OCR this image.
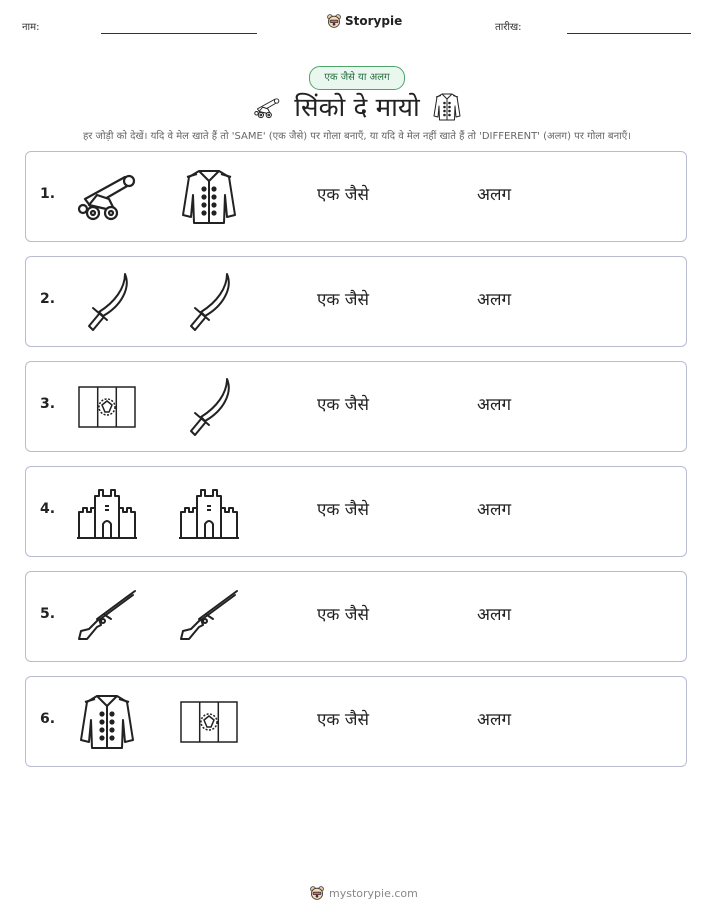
नाम:	Storypie	तारीख:
एक जैसे या अलग
सिंको दे मायो
हर जोड़ी को देखें। यदि वे मेल खाते हैं तो 'SAME' (एक जैसे) पर गोला बनाएँ, या यदि वे मेल नहीं खाते हैं तो 'DIFFERENT' (अलग) पर गोला बनाएँ।
1.	एक जैसे	अलग
2.	एक जैसे	अलग
3.	एक जैसे	अलग
4.	एक जैसे	अलग
5.	एक जैसे	अलग
6.	एक जैसे	अलग
mystorypie.com
